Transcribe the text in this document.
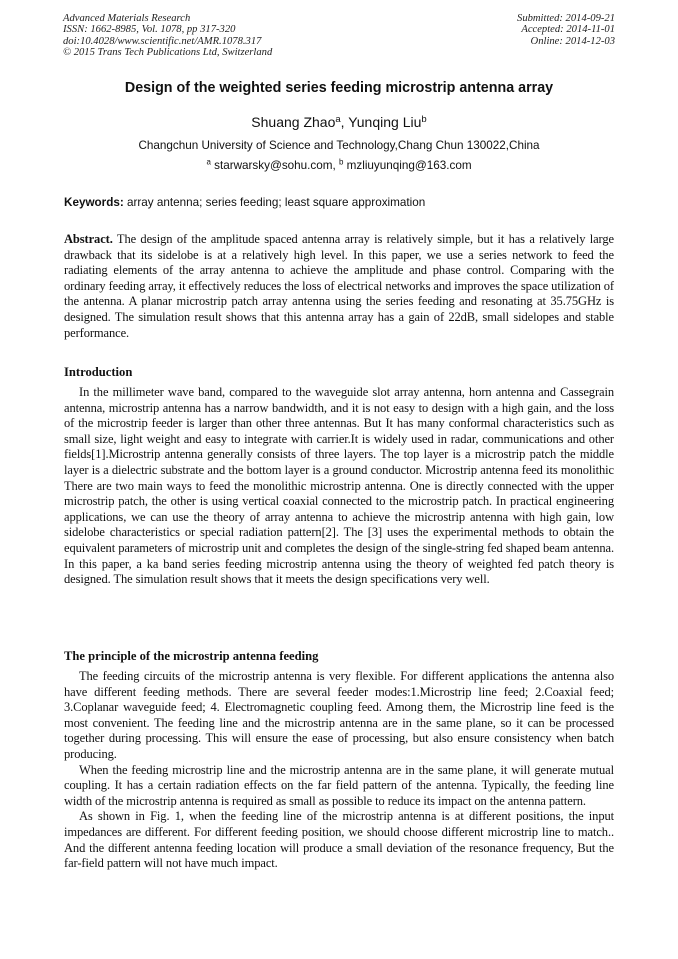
Advanced Materials Research
ISSN: 1662-8985, Vol. 1078, pp 317-320
doi:10.4028/www.scientific.net/AMR.1078.317
© 2015 Trans Tech Publications Ltd, Switzerland
Submitted: 2014-09-21
Accepted: 2014-11-01
Online: 2014-12-03
Design of the weighted series feeding microstrip antenna array
Shuang Zhao$^a$, Yunqing Liu$^b$
Changchun University of Science and Technology,Chang Chun 130022,China
$^a$ starwarsky@sohu.com, $^b$ mzliuyunqing@163.com
Keywords: array antenna; series feeding; least square approximation

Abstract. The design of the amplitude spaced antenna array is relatively simple, but it has a relatively large drawback that its sidelobe is at a relatively high level. In this paper, we use a series network to feed the radiating elements of the array antenna to achieve the amplitude and phase control. Comparing with the ordinary feeding array, it effectively reduces the loss of electrical networks and improves the space utilization of the antenna. A planar microstrip patch array antenna using the series feeding and resonating at 35.75GHz is designed. The simulation result shows that this antenna array has a gain of 22dB, small sidelopes and stable performance.

Introduction

In the millimeter wave band, compared to the waveguide slot array antenna, horn antenna and Cassegrain antenna, microstrip antenna has a narrow bandwidth, and it is not easy to design with a high gain, and the loss of the microstrip feeder is larger than other three antennas. But It has many conformal characteristics such as small size, light weight and easy to integrate with carrier.It is widely used in radar, communications and other fields[1].Microstrip antenna generally consists of three layers. The top layer is a microstrip patch the middle layer is a dielectric substrate and the bottom layer is a ground conductor. Microstrip antenna feed its monolithic There are two main ways to feed the monolithic microstrip antenna. One is directly connected with the upper microstrip patch, the other is using vertical coaxial connected to the microstrip patch. In practical engineering applications, we can use the theory of array antenna to achieve the microstrip antenna with high gain, low sidelobe characteristics or special radiation pattern[2]. The [3] uses the experimental methods to obtain the equivalent parameters of microstrip unit and completes the design of the single-string fed shaped beam antenna. In this paper, a ka band series feeding microstrip antenna using the theory of weighted fed patch theory is designed. The simulation result shows that it meets the design specifications very well.

The principle of the microstrip antenna feeding

The feeding circuits of the microstrip antenna is very flexible. For different applications the antenna also have different feeding methods. There are several feeder modes:1.Microstrip line feed; 2.Coaxial feed; 3.Coplanar waveguide feed; 4. Electromagnetic coupling feed. Among them, the Microstrip line feed is the most convenient. The feeding line and the microstrip antenna are in the same plane, so it can be processed together during processing. This will ensure the ease of processing, but also ensure consistency when batch producing.

When the feeding microstrip line and the microstrip antenna are in the same plane, it will generate mutual coupling. It has a certain radiation effects on the far field pattern of the antenna. Typically, the feeding line width of the microstrip antenna is required as small as possible to reduce its impact on the antenna pattern.

As shown in Fig. 1, when the feeding line of the microstrip antenna is at different positions, the input impedances are different. For different feeding position, we should choose different microstrip line to match.. And the different antenna feeding location will produce a small deviation of the resonance frequency, But the far-field pattern will not have much impact.
